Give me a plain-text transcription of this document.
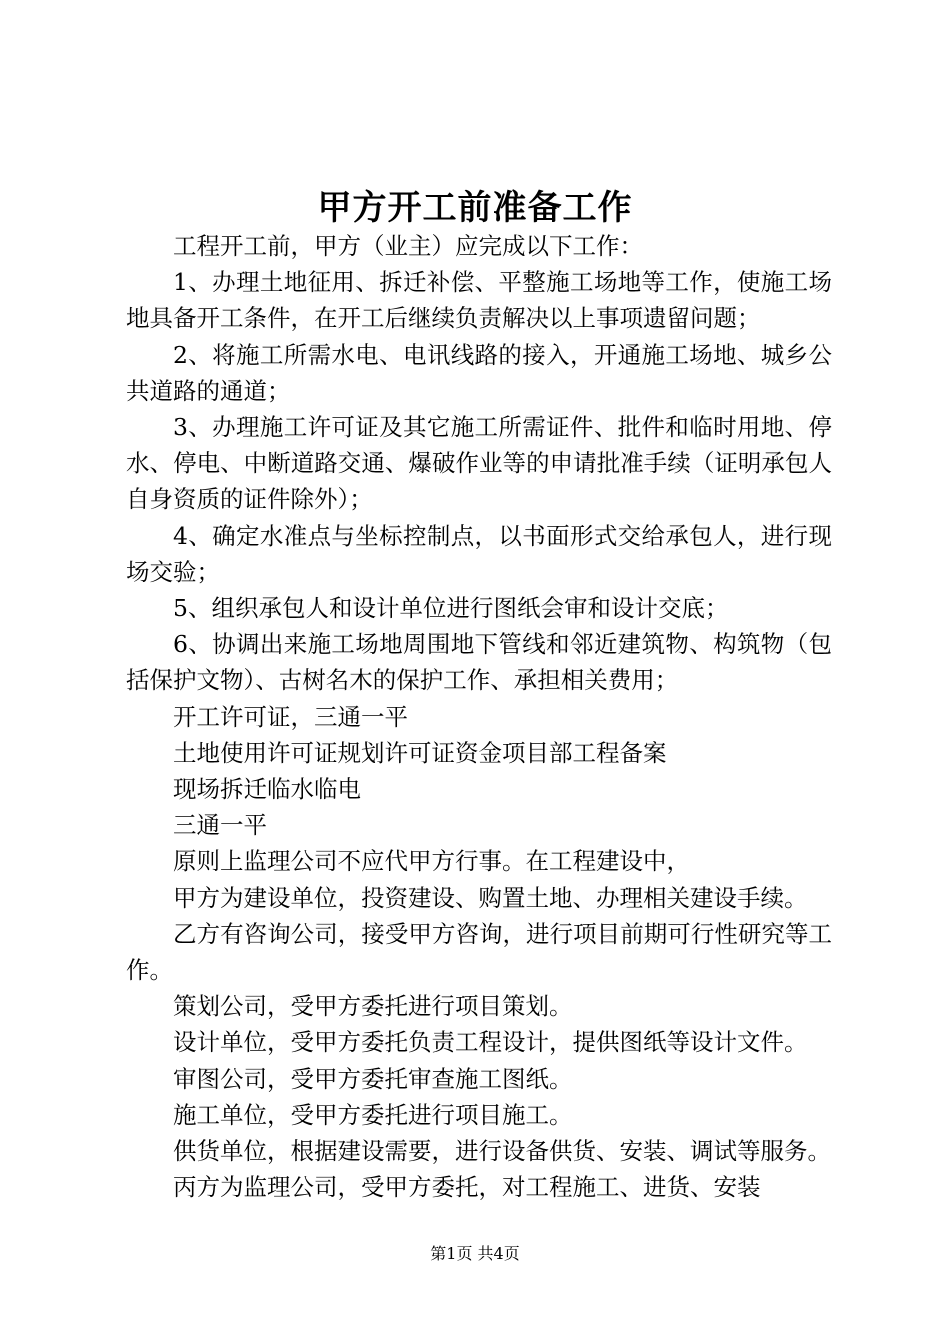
甲方开工前准备工作

工程开工前，甲方（业主）应完成以下工作：

1、办理土地征用、拆迁补偿、平整施工场地等工作，使施工场地具备开工条件，在开工后继续负责解决以上事项遗留问题；

2、将施工所需水电、电讯线路的接入，开通施工场地、城乡公共道路的通道；

3、办理施工许可证及其它施工所需证件、批件和临时用地、停水、停电、中断道路交通、爆破作业等的申请批准手续（证明承包人自身资质的证件除外）；

4、确定水准点与坐标控制点，以书面形式交给承包人，进行现场交验；

5、组织承包人和设计单位进行图纸会审和设计交底；

6、协调出来施工场地周围地下管线和邻近建筑物、构筑物（包括保护文物）、古树名木的保护工作、承担相关费用；

开工许可证，三通一平

土地使用许可证规划许可证资金项目部工程备案

现场拆迁临水临电

三通一平

原则上监理公司不应代甲方行事。在工程建设中，

甲方为建设单位，投资建设、购置土地、办理相关建设手续。

乙方有咨询公司，接受甲方咨询，进行项目前期可行性研究等工作。

策划公司，受甲方委托进行项目策划。

设计单位，受甲方委托负责工程设计，提供图纸等设计文件。

审图公司，受甲方委托审查施工图纸。

施工单位，受甲方委托进行项目施工。

供货单位，根据建设需要，进行设备供货、安装、调试等服务。

丙方为监理公司，受甲方委托，对工程施工、进货、安装

第1页 共4页
